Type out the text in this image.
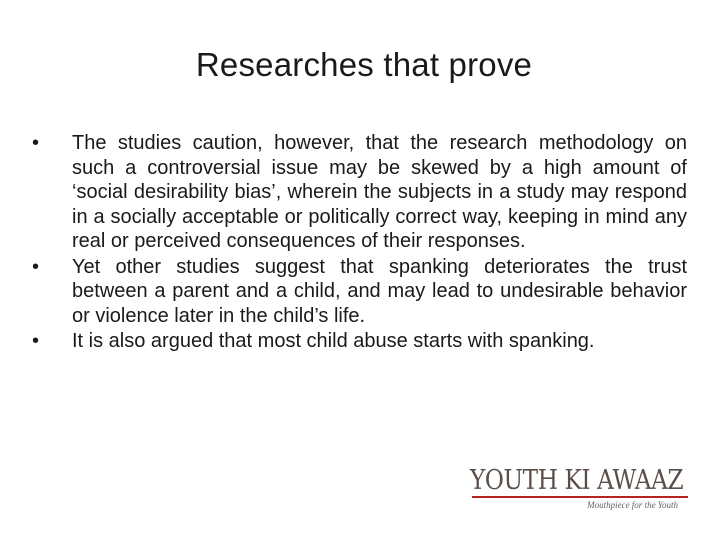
Researches that prove
•	The studies caution, however, that the research methodology on such a controversial issue may be skewed by a high amount of ‘social desirability bias’, wherein the subjects in a study may respond in a socially acceptable or politically correct way, keeping in mind any real or perceived consequences of their responses.
•	Yet other studies suggest that spanking deteriorates the trust between a parent and a child, and may lead to undesirable behavior or violence later in the child’s life.
•	It is also argued that most child abuse starts with spanking.
YOUTH KI AWAAZ
Mouthpiece for the Youth
